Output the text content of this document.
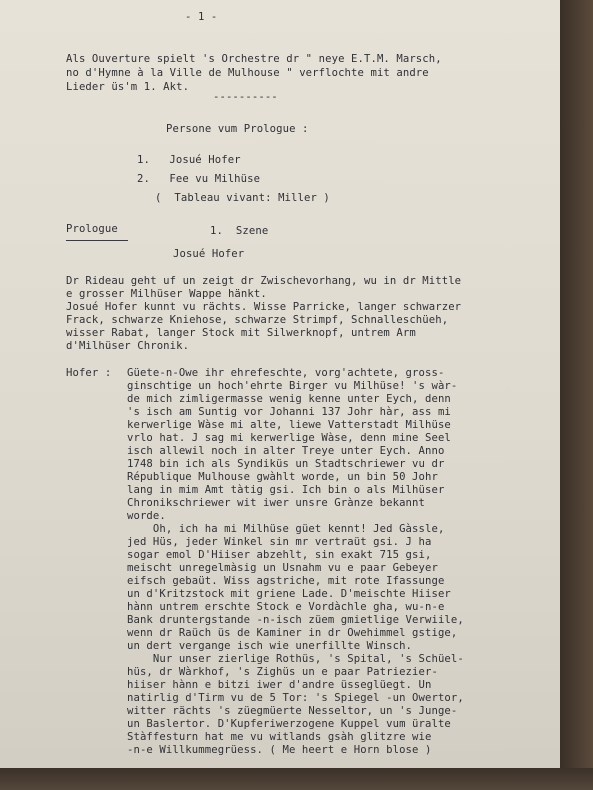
- 1 -
Als Ouverture spielt 's Orchestre dr " neye E.T.M. Marsch,
no d'Hymne à la Ville de Mulhouse " verflochte mit andre
Lieder üs'm 1. Akt.
----------
Persone vum Prologue :
1.   Josué Hofer
2.   Fee vu Milhüse
(  Tableau vivant: Miller )
Prologue	1.  Szene
Josué Hofer
Dr Rideau geht uf un zeigt dr Zwischevorhang, wu in dr Mittle
e grosser Milhüser Wappe hänkt.
Josué Hofer kunnt vu rächts. Wisse Parricke, langer schwarzer
Frack, schwarze Kniehose, schwarze Strimpf, Schnalleschüeh,
wisser Rabat, langer Stock mit Silwerknopf, untrem Arm
d'Milhüser Chronik.
Hofer : Güete-n-Owe ihr ehrefeschte, vorg'achtete, gross-
ginschtige un hoch'ehrte Birger vu Milhüse! 's wàr-
de mich zimligermasse wenig kenne unter Eych, denn
's isch am Suntig vor Johanni 137 Johr hàr, ass mi
kerwerlige Wàse mi alte, liewe Vatterstadt Milhüse
vrlo hat. J sag mi kerwerlige Wàse, denn mine Seel
isch allewil noch in alter Treye unter Eych. Anno
1748 bin ich als Syndiküs un Stadtschriewer vu dr
République Mulhouse gwàhlt worde, un bin 50 Johr
lang in mim Amt tàtig gsi. Ich bin o als Milhüser
Chronikschriewer wit iwer unsre Grànze bekannt
worde.
Oh, ich ha mi Milhüse güet kennt! Jed Gàssle,
jed Hüs, jeder Winkel sin mr vertraüt gsi. J ha
sogar emol D'Hiiser abzehlt, sin exakt 715 gsi,
meischt unregelmàsig un Usnahm vu e paar Gebeyer
eifsch gebaüt. Wiss agstriche, mit rote Ifassunge
un d'Kritzstock mit griene Lade. D'meischte Hiiser
hànn untrem erschte Stock e Vordàchle gha, wu-n-e
Bank druntergstande -n-isch züem gmietlige Verwiile,
wenn dr Raüch üs de Kaminer in dr Owehimmel gstige,
un dert vergange isch wie unerfillte Winsch.
Nur unser zierlige Rothüs, 's Spital, 's Schüel-
hüs, dr Wàrkhof, 's Zighüs un e paar Patriezier-
hiiser hànn e bitzi iwer d'andre üsseglüegt. Un
natirlig d'Tirm vu de 5 Tor: 's Spiegel -un Owertor,
witter rächts 's züegmüerte Nesseltor, un 's Junge-
un Baslertor. D'Kupferiwerzogene Kuppel vum üralte
Stàffesturn hat me vu witlands gsàh glitzre wie
-n-e Willkummegrüess. ( Me heert e Horn blose )
